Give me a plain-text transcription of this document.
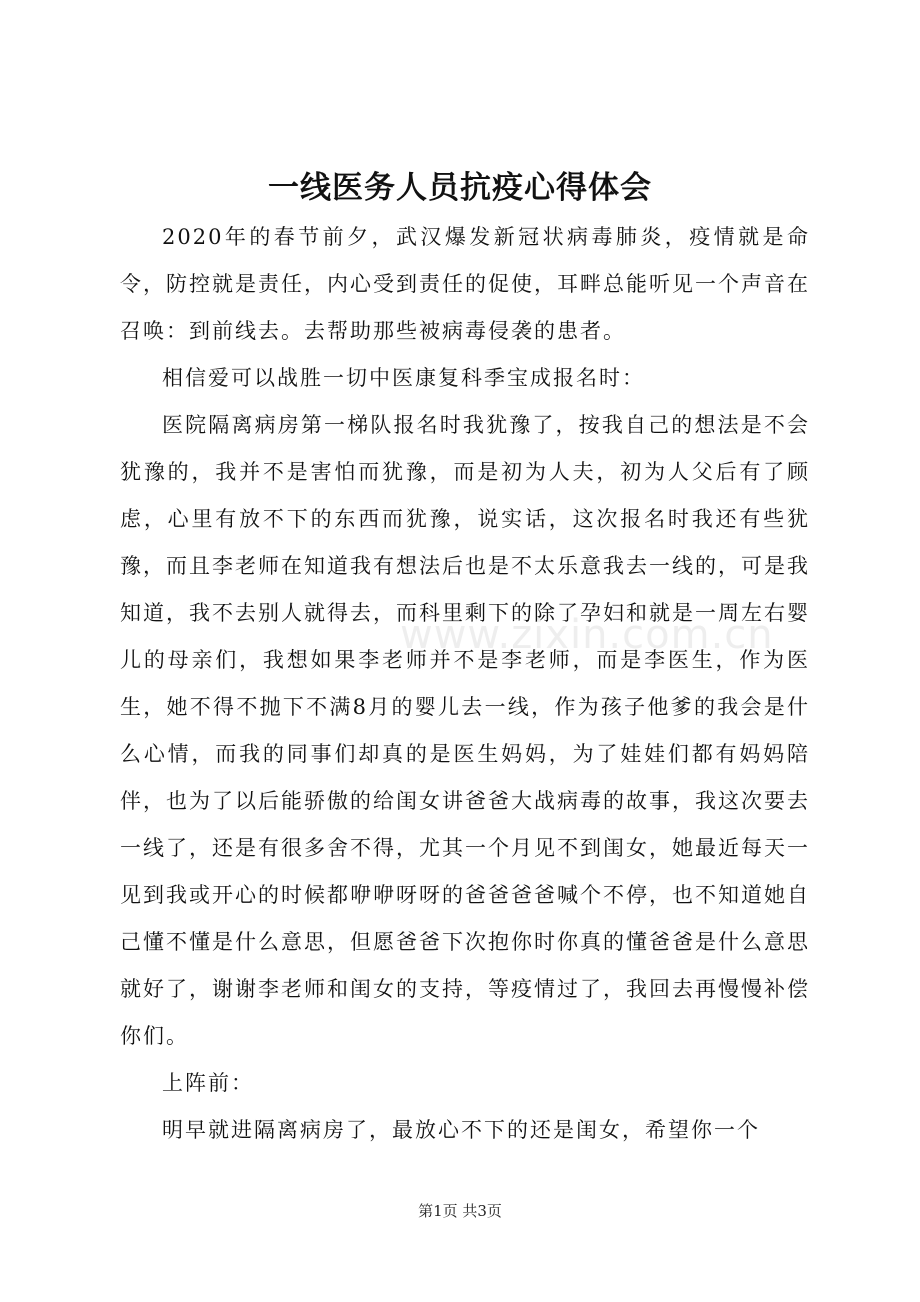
一线医务人员抗疫心得体会

2020年的春节前夕，武汉爆发新冠状病毒肺炎，疫情就是命令，防控就是责任，内心受到责任的促使，耳畔总能听见一个声音在召唤：到前线去。去帮助那些被病毒侵袭的患者。

相信爱可以战胜一切中医康复科季宝成报名时：

医院隔离病房第一梯队报名时我犹豫了，按我自己的想法是不会犹豫的，我并不是害怕而犹豫，而是初为人夫，初为人父后有了顾虑，心里有放不下的东西而犹豫，说实话，这次报名时我还有些犹豫，而且李老师在知道我有想法后也是不太乐意我去一线的，可是我知道，我不去别人就得去，而科里剩下的除了孕妇和就是一周左右婴儿的母亲们，我想如果李老师并不是李老师，而是李医生，作为医生，她不得不抛下不满8月的婴儿去一线，作为孩子他爹的我会是什么心情，而我的同事们却真的是医生妈妈，为了娃娃们都有妈妈陪伴，也为了以后能骄傲的给闺女讲爸爸大战病毒的故事，我这次要去一线了，还是有很多舍不得，尤其一个月见不到闺女，她最近每天一见到我或开心的时候都咿咿呀呀的爸爸爸爸喊个不停，也不知道她自己懂不懂是什么意思，但愿爸爸下次抱你时你真的懂爸爸是什么意思就好了，谢谢李老师和闺女的支持，等疫情过了，我回去再慢慢补偿你们。

上阵前：

明早就进隔离病房了，最放心不下的还是闺女，希望你一个

www.zixin.com.cn
第1页 共3页
